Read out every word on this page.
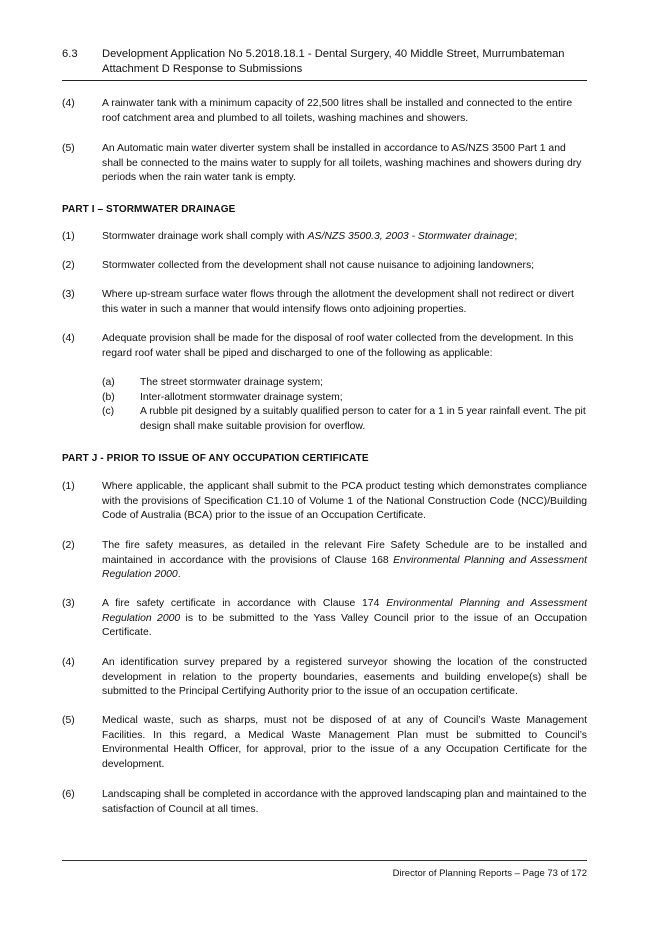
6.3 Development Application No 5.2018.18.1 - Dental Surgery, 40 Middle Street, Murrumbateman
Attachment D Response to Submissions
(4)	A rainwater tank with a minimum capacity of 22,500 litres shall be installed and connected to the entire roof catchment area and plumbed to all toilets, washing machines and showers.
(5)	An Automatic main water diverter system shall be installed in accordance to AS/NZS 3500 Part 1 and shall be connected to the mains water to supply for all toilets, washing machines and showers during dry periods when the rain water tank is empty.
PART I – STORMWATER DRAINAGE
(1)	Stormwater drainage work shall comply with AS/NZS 3500.3, 2003 - Stormwater drainage;
(2)	Stormwater collected from the development shall not cause nuisance to adjoining landowners;
(3)	Where up-stream surface water flows through the allotment the development shall not redirect or divert this water in such a manner that would intensify flows onto adjoining properties.
(4)	Adequate provision shall be made for the disposal of roof water collected from the development. In this regard roof water shall be piped and discharged to one of the following as applicable:
(a) The street stormwater drainage system;
(b) Inter-allotment stormwater drainage system;
(c) A rubble pit designed by a suitably qualified person to cater for a 1 in 5 year rainfall event. The pit design shall make suitable provision for overflow.
PART J - PRIOR TO ISSUE OF ANY OCCUPATION CERTIFICATE
(1)	Where applicable, the applicant shall submit to the PCA product testing which demonstrates compliance with the provisions of Specification C1.10 of Volume 1 of the National Construction Code (NCC)/Building Code of Australia (BCA) prior to the issue of an Occupation Certificate.
(2)	The fire safety measures, as detailed in the relevant Fire Safety Schedule are to be installed and maintained in accordance with the provisions of Clause 168 Environmental Planning and Assessment Regulation 2000.
(3)	A fire safety certificate in accordance with Clause 174 Environmental Planning and Assessment Regulation 2000 is to be submitted to the Yass Valley Council prior to the issue of an Occupation Certificate.
(4)	An identification survey prepared by a registered surveyor showing the location of the constructed development in relation to the property boundaries, easements and building envelope(s) shall be submitted to the Principal Certifying Authority prior to the issue of an occupation certificate.
(5)	Medical waste, such as sharps, must not be disposed of at any of Council’s Waste Management Facilities. In this regard, a Medical Waste Management Plan must be submitted to Council’s Environmental Health Officer, for approval, prior to the issue of a any Occupation Certificate for the development.
(6)	Landscaping shall be completed in accordance with the approved landscaping plan and maintained to the satisfaction of Council at all times.
Director of Planning Reports – Page 73 of 172
